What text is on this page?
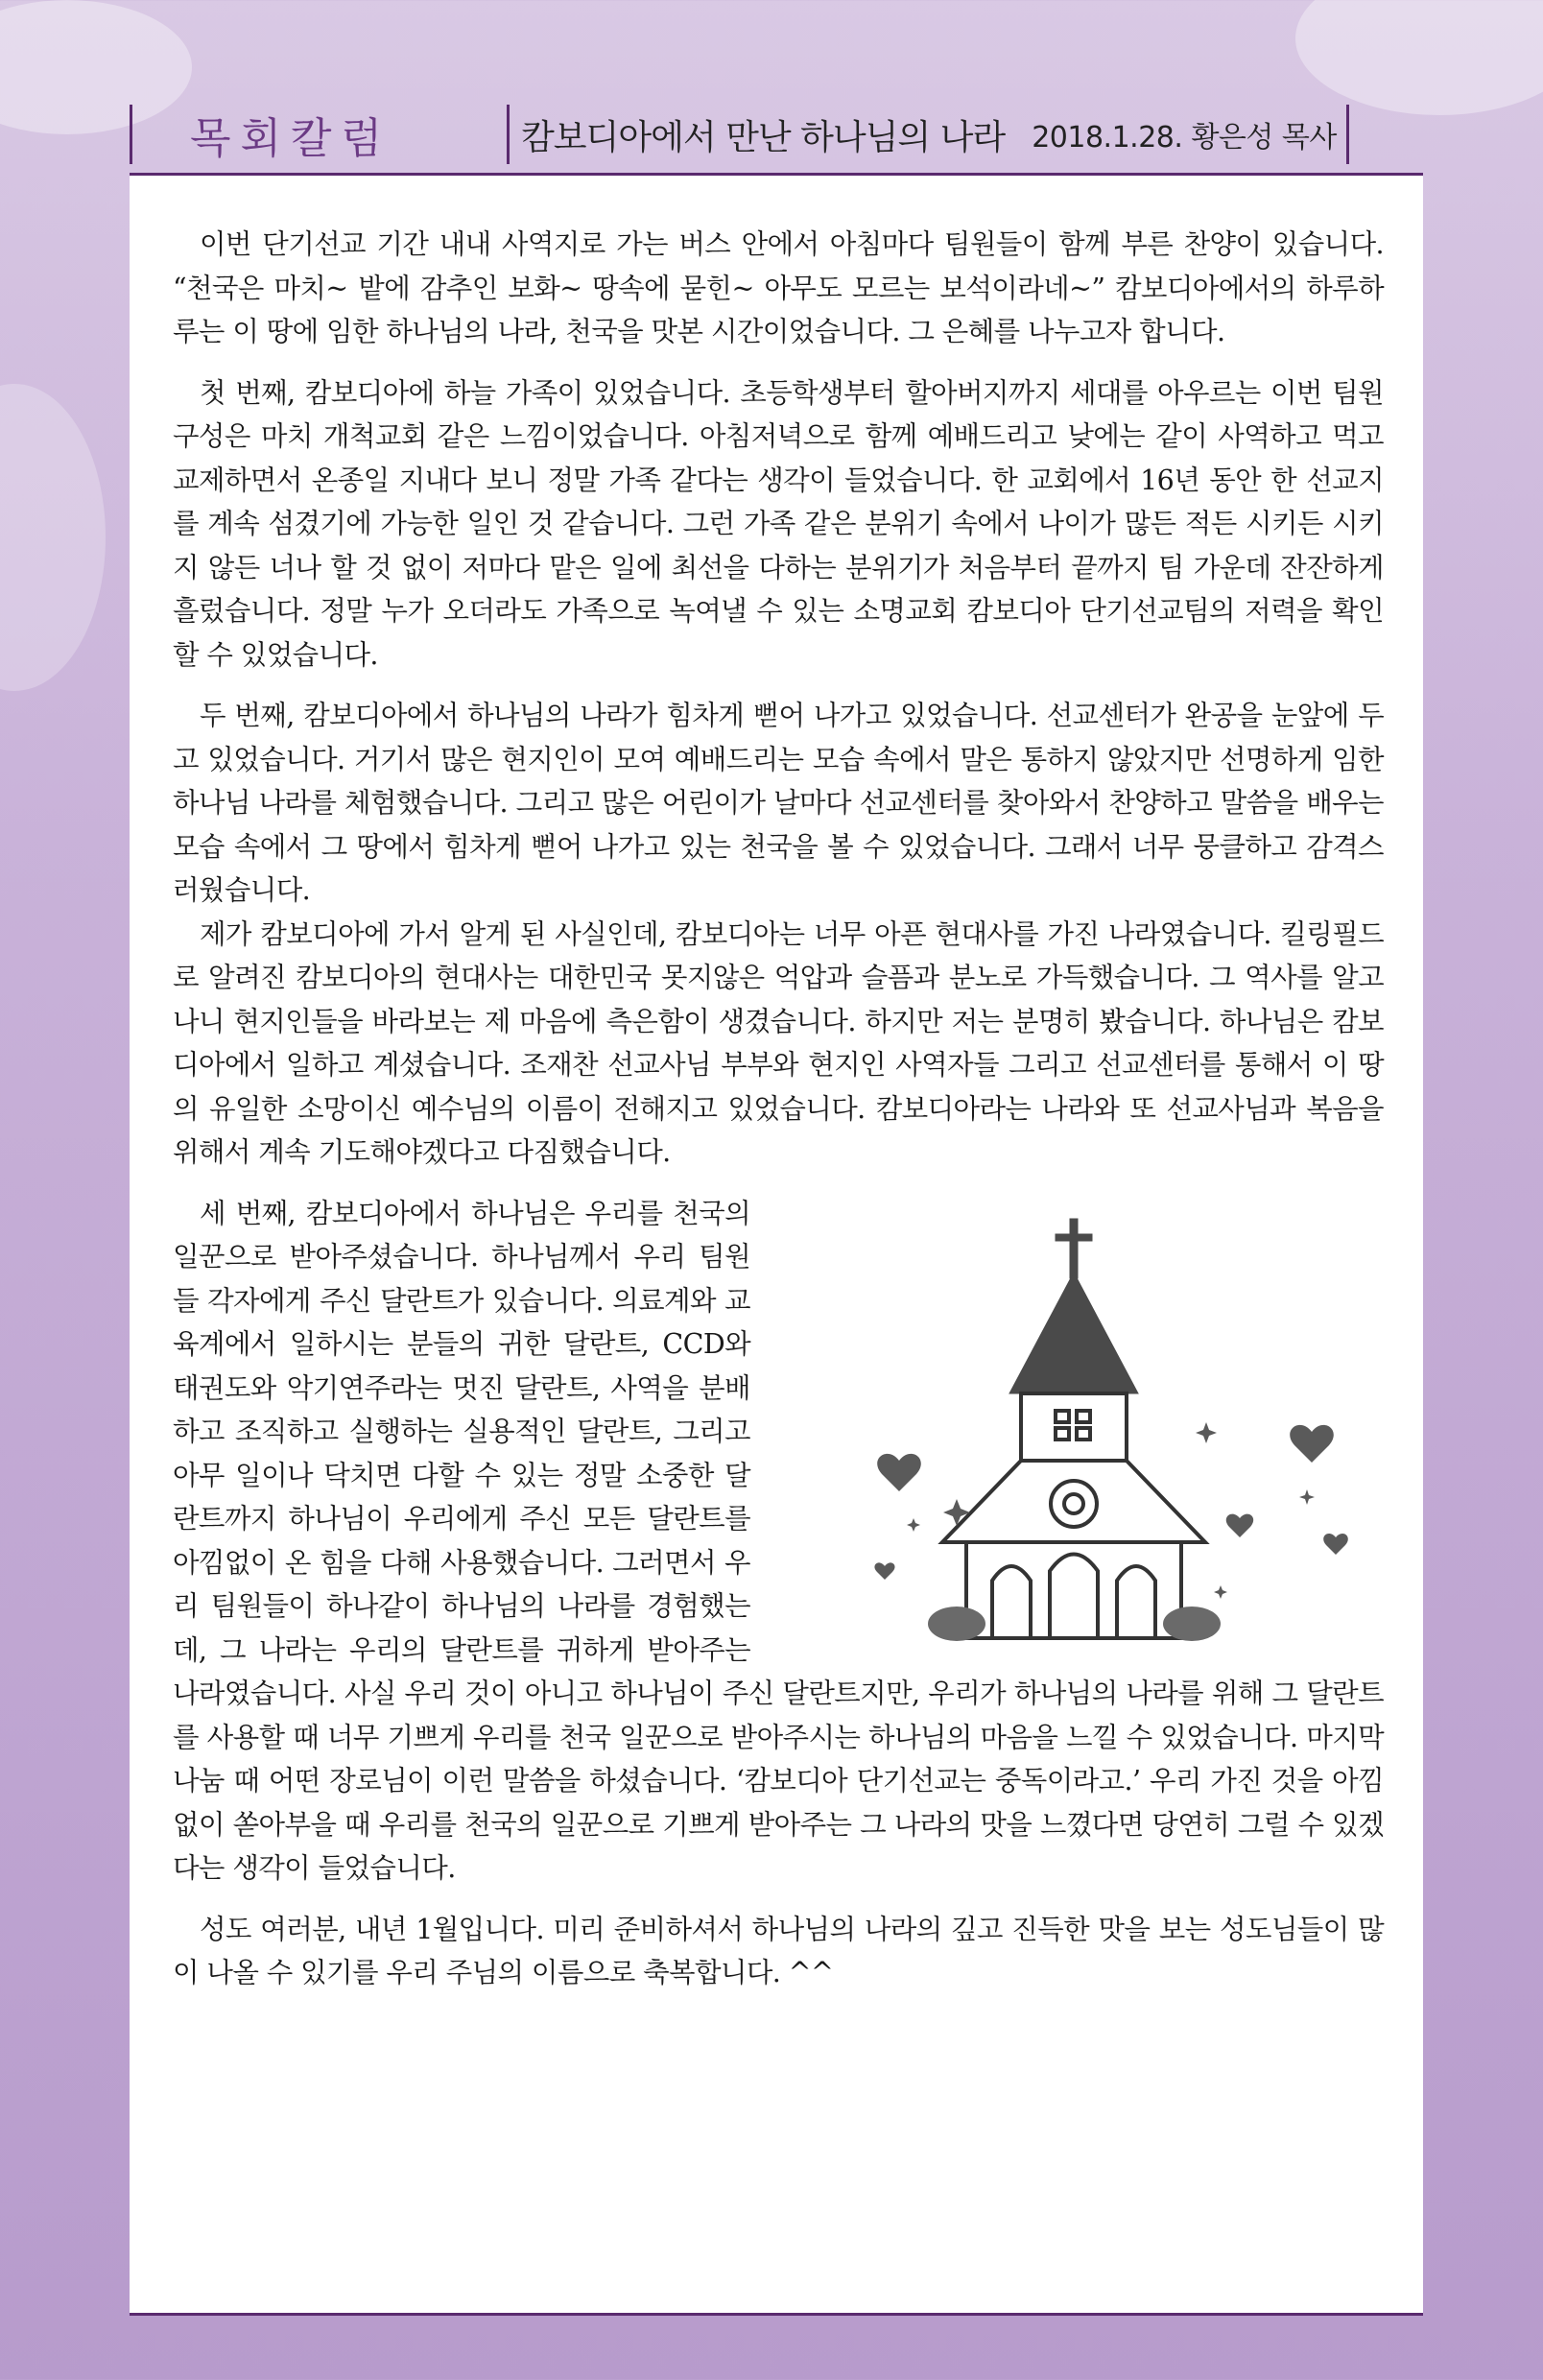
목회칼럼	캄보디아에서 만난 하나님의 나라 2018.1.28. 황은성 목사

이번 단기선교 기간 내내 사역지로 가는 버스 안에서 아침마다 팀원들이 함께 부른 찬양이 있습니다. “천국은 마치~ 밭에 감추인 보화~ 땅속에 묻힌~ 아무도 모르는 보석이라네~” 캄보디아에서의 하루하루는 이 땅에 임한 하나님의 나라, 천국을 맛본 시간이었습니다. 그 은혜를 나누고자 합니다.

첫 번째, 캄보디아에 하늘 가족이 있었습니다. 초등학생부터 할아버지까지 세대를 아우르는 이번 팀원 구성은 마치 개척교회 같은 느낌이었습니다. 아침저녁으로 함께 예배드리고 낮에는 같이 사역하고 먹고 교제하면서 온종일 지내다 보니 정말 가족 같다는 생각이 들었습니다. 한 교회에서 16년 동안 한 선교지를 계속 섬겼기에 가능한 일인 것 같습니다. 그런 가족 같은 분위기 속에서 나이가 많든 적든 시키든 시키지 않든 너나 할 것 없이 저마다 맡은 일에 최선을 다하는 분위기가 처음부터 끝까지 팀 가운데 잔잔하게 흘렀습니다. 정말 누가 오더라도 가족으로 녹여낼 수 있는 소명교회 캄보디아 단기선교팀의 저력을 확인할 수 있었습니다.

두 번째, 캄보디아에서 하나님의 나라가 힘차게 뻗어 나가고 있었습니다. 선교센터가 완공을 눈앞에 두고 있었습니다. 거기서 많은 현지인이 모여 예배드리는 모습 속에서 말은 통하지 않았지만 선명하게 임한 하나님 나라를 체험했습니다. 그리고 많은 어린이가 날마다 선교센터를 찾아와서 찬양하고 말씀을 배우는 모습 속에서 그 땅에서 힘차게 뻗어 나가고 있는 천국을 볼 수 있었습니다. 그래서 너무 뭉클하고 감격스러웠습니다.

제가 캄보디아에 가서 알게 된 사실인데, 캄보디아는 너무 아픈 현대사를 가진 나라였습니다. 킬링필드로 알려진 캄보디아의 현대사는 대한민국 못지않은 억압과 슬픔과 분노로 가득했습니다. 그 역사를 알고 나니 현지인들을 바라보는 제 마음에 측은함이 생겼습니다. 하지만 저는 분명히 봤습니다. 하나님은 캄보디아에서 일하고 계셨습니다. 조재찬 선교사님 부부와 현지인 사역자들 그리고 선교센터를 통해서 이 땅의 유일한 소망이신 예수님의 이름이 전해지고 있었습니다. 캄보디아라는 나라와 또 선교사님과 복음을 위해서 계속 기도해야겠다고 다짐했습니다.

세 번째, 캄보디아에서 하나님은 우리를 천국의 일꾼으로 받아주셨습니다. 하나님께서 우리 팀원들 각자에게 주신 달란트가 있습니다. 의료계와 교육계에서 일하시는 분들의 귀한 달란트, CCD와 태권도와 악기연주라는 멋진 달란트, 사역을 분배하고 조직하고 실행하는 실용적인 달란트, 그리고 아무 일이나 닥치면 다할 수 있는 정말 소중한 달란트까지 하나님이 우리에게 주신 모든 달란트를 아낌없이 온 힘을 다해 사용했습니다. 그러면서 우리 팀원들이 하나같이 하나님의 나라를 경험했는데, 그 나라는 우리의 달란트를 귀하게 받아주는 나라였습니다. 사실 우리 것이 아니고 하나님이 주신 달란트지만, 우리가 하나님의 나라를 위해 그 달란트를 사용할 때 너무 기쁘게 우리를 천국 일꾼으로 받아주시는 하나님의 마음을 느낄 수 있었습니다. 마지막 나눔 때 어떤 장로님이 이런 말씀을 하셨습니다. ‘캄보디아 단기선교는 중독이라고.’ 우리 가진 것을 아낌없이 쏟아부을 때 우리를 천국의 일꾼으로 기쁘게 받아주는 그 나라의 맛을 느꼈다면 당연히 그럴 수 있겠다는 생각이 들었습니다.

성도 여러분, 내년 1월입니다. 미리 준비하셔서 하나님의 나라의 깊고 진득한 맛을 보는 성도님들이 많이 나올 수 있기를 우리 주님의 이름으로 축복합니다. ^^
